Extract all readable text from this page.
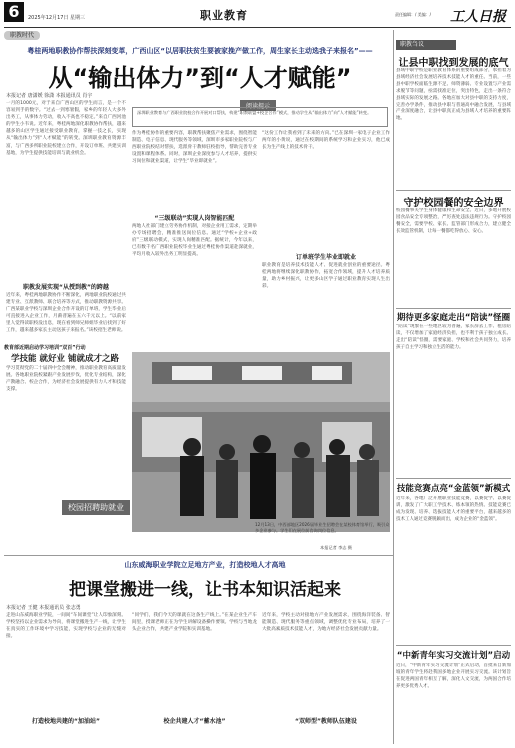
6	2025年12月17日 星期三	职业教育	责任编辑：/ 美编：/ 工人日报
职教时代
粤桂两地职教协作帮扶深刻变革，广西山区“以居职扶贫生要被家挽产做工作，周生家长主动选我子来报名”——
从“输出体力”到“人才赋能”
本报记者 唐潇媛 徐潇 本报通讯员 肖宇
阅读提示
深圳职业教育与广西职业院校合作开展对口帮扶，构建“职教联盟+校企合作”模式，推动学生从“输出体力”向“人才赋能”转变。
一月的1000元，对于来自广西山区的学生而言，是一个不容易到手的数字。“过去一到寒暑假，家乡的年轻人大多外出务工，从事体力劳动，收入不高也不稳定。”来自广西河池的学生小韦说。近年来，粤桂两地深化职教协作帮扶，越来越多的山区学生通过接受职业教育，掌握一技之长，实现从“输出体力”到“人才赋能”的转变。深圳职业教育资源丰富，与广西多所职业院校建立合作，开设订单班、共建实训基地，为学生提供技能培训与就业机会。
职教发展实现“从授到教”的跨越
近年来，粤桂两地职教协作不断深化，两地职业院校通过共建专业、互派教师、联合培养等方式，推动职教资源共享。广西某职业学校与深圳企业合作开设的订单班，学生毕业后可直接进入企业工作，月薪普遍在五六千元以上。“以前家里人觉得读职校没出息，现在看到师兄师姐毕业后找到了好工作，越来越多家长主动送孩子来报名。”该校招生老师说。
作为粤桂协作的重要内容，职教帮扶聚焦产业需求，围绕智能制造、电子信息、现代服务等领域，深圳市多家职业院校与广西职业院校结对帮扶，选派骨干教师驻校指导，帮助完善专业设置和课程体系。同时，深圳企业深度参与人才培养，提供实习岗位和就业渠道，让学生“毕业即就业”。
“三级联动”实现人岗智能匹配
两地人社部门建立劳务协作机制，对接企业用工需求，定期举办专场招聘会，精准推送岗位信息。通过“学校+企业+政府”三级联动模式，实现人岗精准匹配。据统计，今年以来，已有数千名广西职业院校毕业生通过粤桂协作渠道赴深就业，平均月收入较外出务工明显提高。
“这份工作让我看到了未来的方向。”已在深圳一家电子企业工作两年的小黄说，通过在校期间的系统学习和企业实习，他已成长为生产线上的技术骨干。
订单班学生毕业即就业
职业教育是培养技术技能人才、促进就业创业的重要途径。粤桂两地将继续深化职教协作，拓宽合作领域，提升人才培养质量，助力乡村振兴，让更多山区学子通过职业教育实现人生出彩。
教育部近期启动学习培训“双百”行动
学技能 就好业 铺就成才之路
学习贯彻党的二十届四中全会精神，推动职业教育高质量发展。各地职业院校紧跟产业发展步伐，优化专业结构，深化产教融合、校企合作，为经济社会发展提供有力人才和技能支撑。
校园招聘助就业
12月13日，中西部地区2026届毕业生招聘会在某校体育馆举行，吸引众多企业参与。学生们在展位前咨询岗位信息。
本报记者 李志 摄
山东威海职业学院立足地方产业，打造校地人才高地
把课堂搬进一线，让书本知识活起来
本报记者 王健 本报通讯员 张志勇
走进山东威海职业学院，一间间“车间课堂”让人印象深刻。学校坚持以企业需求为导向，将课堂搬进生产一线，让学生在真实的工作环境中学习技能，实现学校与企业的无缝对接。
打造校地共建的“加油站”
“同学们，我们今天的课就在这条生产线上。”在某企业生产车间里，授课老师正在为学生讲解设备操作要领。学校与当地龙头企业合作，共建产业学院和实训基地。
校企共建人才“蓄水池”
近年来，学校主动对接地方产业发展需求，围绕海洋装备、智能制造、现代服务等重点领域，调整优化专业布局，培养了一大批高素质技术技能人才，为地方经济社会发展贡献力量。
“双师型”教师队伍建设
职教刍议
让县中职找到发展的底气
县域中职学校是职业教育体系的重要组成部分，承担着为县域经济社会发展培养技术技能人才的重任。当前，一些县中职学校面临生源不足、师资薄弱、专业设置与产业需求脱节等问题，亟需找准定位，突出特色，走出一条符合县域实际的发展之路。各地应加大对县中职的支持力度，完善办学条件，推动县中职与普通高中融合发展，与县域产业深度融合，让县中职真正成为县域人才培养的重要阵地。
守护校园餐的安全边界
校园餐事关学生身体健康和生命安全。近日，多地开展校园食品安全专项整治，严厉查处违法违规行为。守护校园餐安全，需要学校、家长、监管部门形成合力，建立健全长效监管机制，让每一餐都吃得放心、安心。
期待更多家庭走出“陪读”怪圈
“陪读”现象在一些地区较为普遍，家长辞去工作、租房陪读，不仅增加了家庭经济负担，也不利于孩子独立成长。走出“陪读”怪圈，需要家庭、学校和社会共同努力，培养孩子自主学习和独立生活的能力。
技能竞赛点亮“金蓝领”新模式
近年来，各地广泛开展职业技能竞赛，以赛促学、以赛促训，激发了广大职工学技术、练本领的热情。技能竞赛已成为发现、培养、选拔技能人才的重要平台，越来越多的技术工人通过竞赛脱颖而出，成为企业的“金蓝领”。
“中新青年实习交流计划”启动
近日，“中新青年实习交流计划”正式启动，首批来自新加坡的青年学生将赴我国多地企业开展实习交流。该计划旨在促进两国青年相互了解，深化人文交流，为两国合作培养更多优秀人才。
